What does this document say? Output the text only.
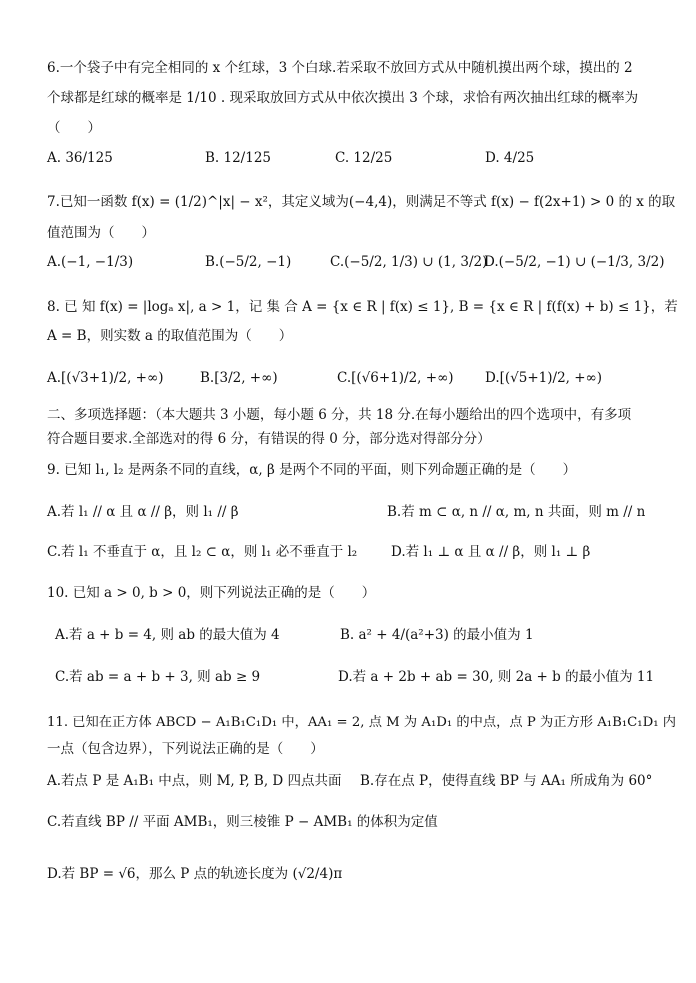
6.一个袋子中有完全相同的 x 个红球，3 个白球.若采取不放回方式从中随机摸出两个球，摸出的 2
个球都是红球的概率是 1/10 . 现采取放回方式从中依次摸出 3 个球，求恰有两次抽出红球的概率为
（　　）
A. 36/125	B. 12/125	C. 12/25	D. 4/25
7.已知一函数 f(x) = (1/2)^|x| − x²，其定义域为(−4,4)，则满足不等式 f(x) − f(2x+1) > 0 的 x 的取
值范围为（　　）
A.(−1, −1/3)	B.(−5/2, −1)	C.(−5/2, 1/3) ∪ (1, 3/2)
D.(−5/2, −1) ∪ (−1/3, 3/2)
8. 已 知 f(x) = |logₐ x|, a > 1，记 集 合 A = {x ∈ R | f(x) ≤ 1}, B = {x ∈ R | f(f(x) + b) ≤ 1}，若
A = B，则实数 a 的取值范围为（　　）
A.[(√3+1)/2, +∞)	B.[3/2, +∞)	C.[(√6+1)/2, +∞) D.[(√5+1)/2, +∞)
二、多项选择题：（本大题共 3 小题，每小题 6 分，共 18 分.在每小题给出的四个选项中，有多项
符合题目要求.全部选对的得 6 分，有错误的得 0 分，部分选对得部分分）
9. 已知 l₁, l₂ 是两条不同的直线，α, β 是两个不同的平面，则下列命题正确的是（　　）
A.若 l₁ // α 且 α // β，则 l₁ // β	B.若 m ⊂ α, n // α, m, n 共面，则 m // n
C.若 l₁ 不垂直于 α，且 l₂ ⊂ α，则 l₁ 必不垂直于 l₂	D.若 l₁ ⊥ α 且 α // β，则 l₁ ⊥ β
10. 已知 a > 0, b > 0，则下列说法正确的是（　　）
A.若 a + b = 4, 则 ab 的最大值为 4	B. a² + 4/(a²+3) 的最小值为 1
C.若 ab = a + b + 3, 则 ab ≥ 9	D.若 a + 2b + ab = 30, 则 2a + b 的最小值为 11
11. 已知在正方体 ABCD − A₁B₁C₁D₁ 中，AA₁ = 2, 点 M 为 A₁D₁ 的中点，点 P 为正方形 A₁B₁C₁D₁ 内
一点（包含边界），下列说法正确的是（　　）
A.若点 P 是 A₁B₁ 中点，则 M, P, B, D 四点共面 B.存在点 P，使得直线 BP 与 AA₁ 所成角为 60°
C.若直线 BP // 平面 AMB₁，则三棱锥 P − AMB₁ 的体积为定值
D.若 BP = √6，那么 P 点的轨迹长度为 (√2/4)π
